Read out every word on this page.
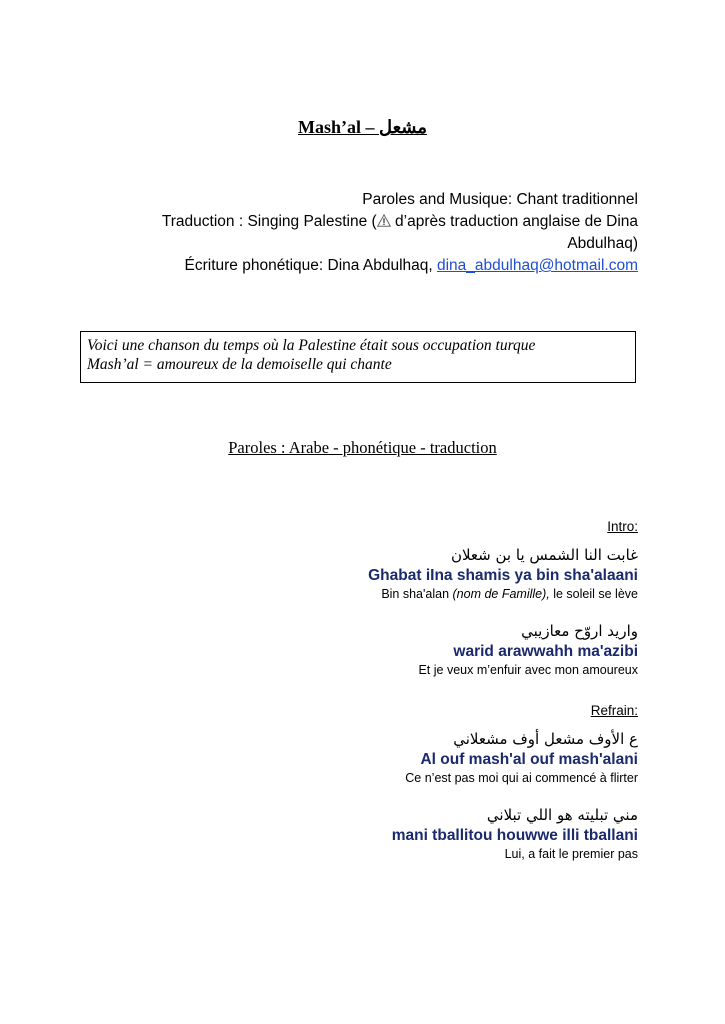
Mash’al – مشعل
Paroles and Musique: Chant traditionnel
Traduction : Singing Palestine ( d’après traduction anglaise de Dina
Abdulhaq)
Écriture phonétique: Dina Abdulhaq, dina_abdulhaq@hotmail.com
Voici une chanson du temps où la Palestine était sous occupation turque
Mash’al = amoureux de la demoiselle qui chante
Paroles : Arabe - phonétique - traduction
Intro:
غابت النا الشمس يا بن شعلان
Ghabat iIna shamis ya bin sha'alaani
Bin sha'alan (nom de Famille), le soleil se lève
واريد اروّح معازيبي
warid arawwahh ma'azibi
Et je veux m’enfuir avec mon amoureux
Refrain:
ع الأوف مشعل أوف مشعلاني
Al ouf mash'al ouf mash'alani
Ce n’est pas moi qui ai commencé à flirter
مني تبليته هو اللي تبلاني
mani tballitou houwwe illi tballani
Lui, a fait le premier pas
